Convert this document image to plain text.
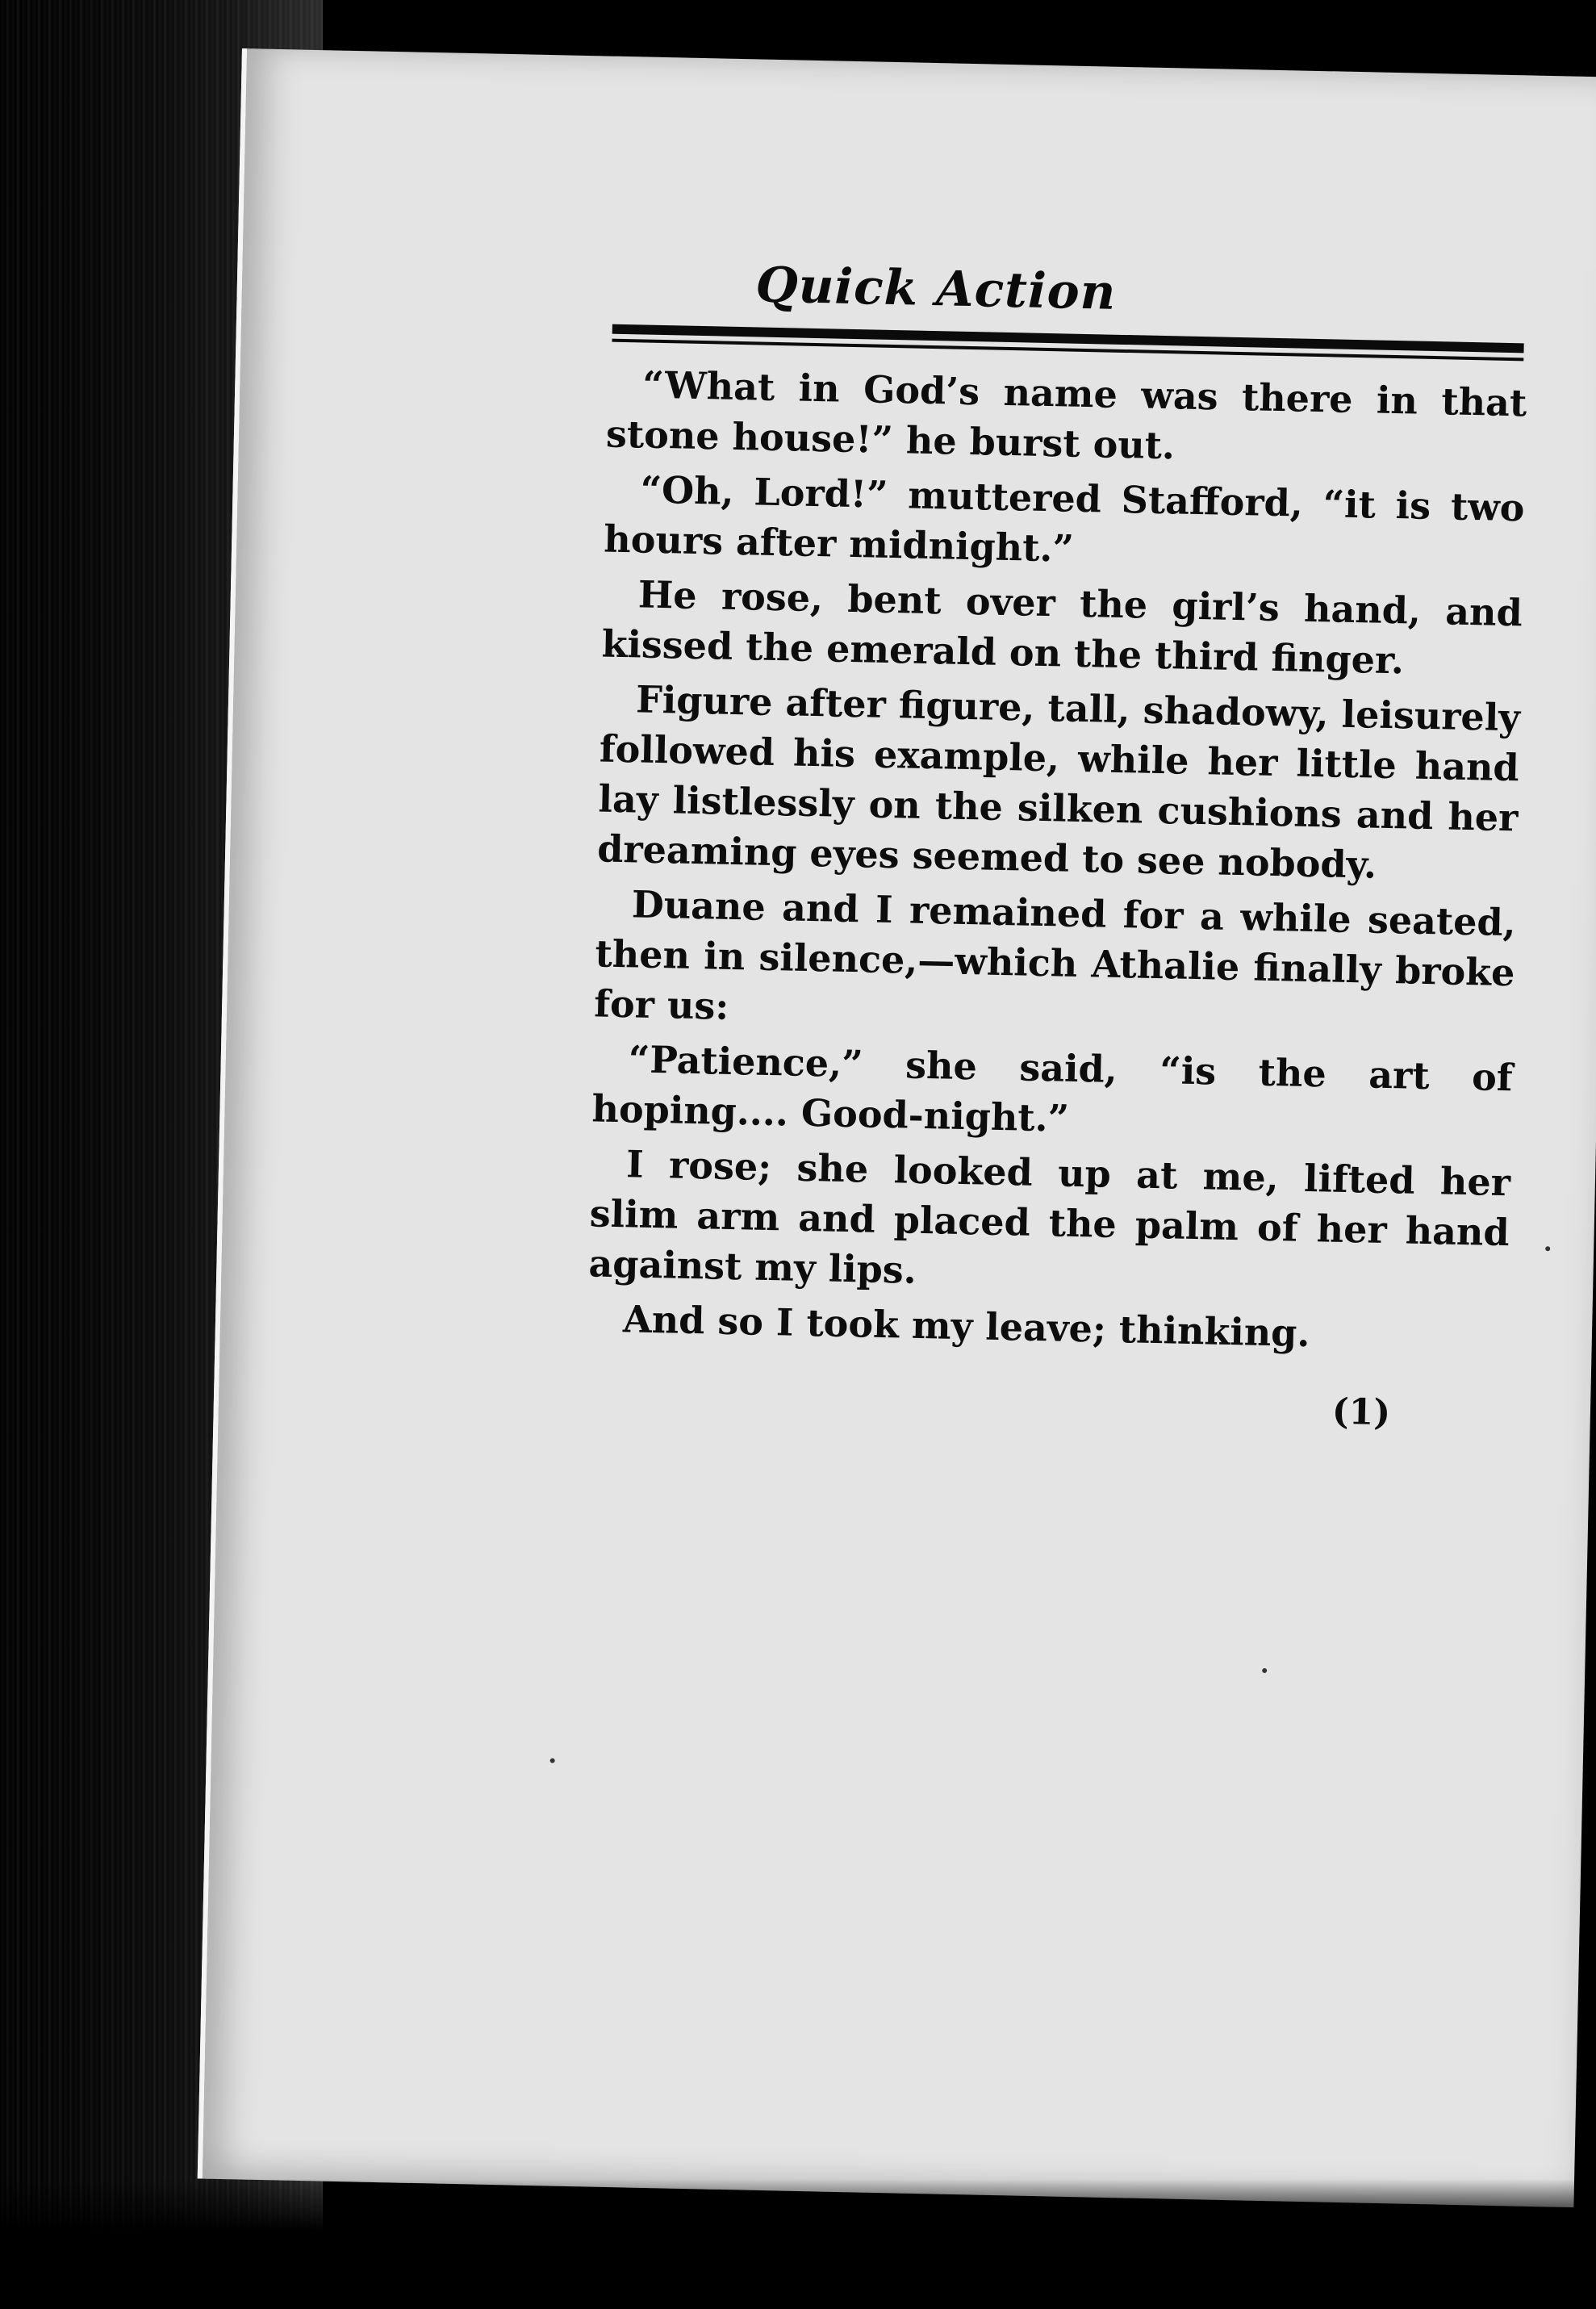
Quick Action

“What in God’s name was there in that stone house!” he burst out.

“Oh, Lord!” muttered Stafford, “it is two hours after midnight.”

He rose, bent over the girl’s hand, and kissed the emerald on the third finger.

Figure after figure, tall, shadowy, leisurely followed his example, while her little hand lay listlessly on the silken cushions and her dreaming eyes seemed to see nobody.

Duane and I remained for a while seated, then in silence,—which Athalie finally broke for us:

“Patience,” she said, “is the art of hoping.... Good-night.”

I rose; she looked up at me, lifted her slim arm and placed the palm of her hand against my lips.

And so I took my leave; thinking.

(1)
